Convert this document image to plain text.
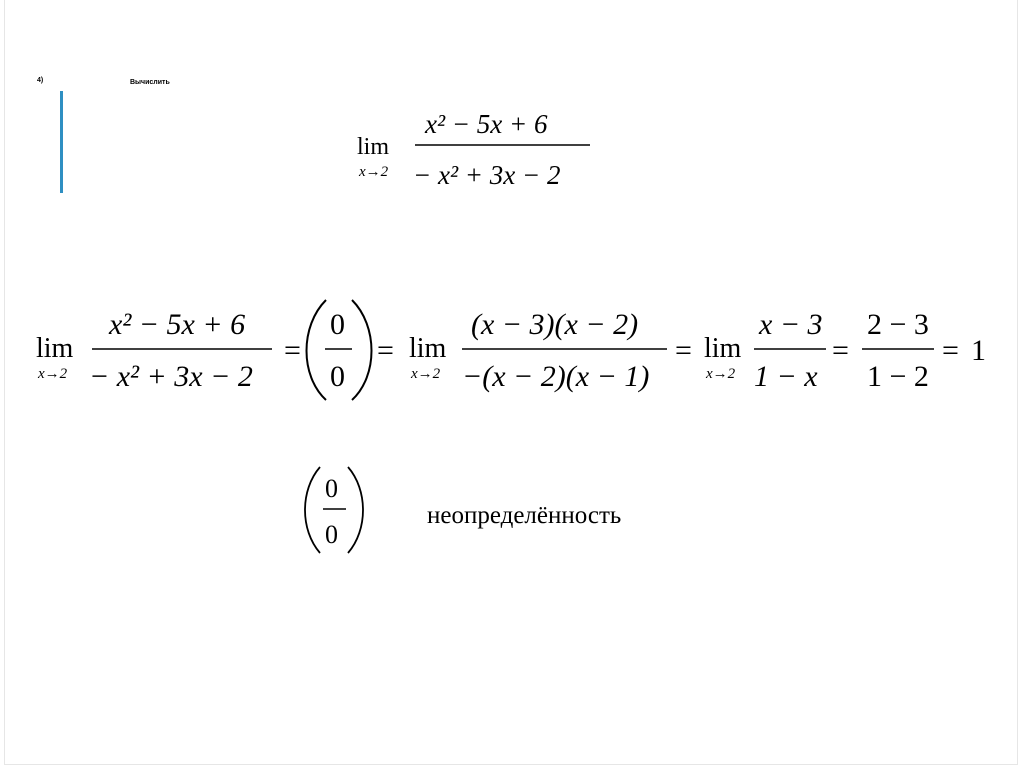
4)	Вычислить
lim
x→2
x² − 5x + 6
− x² + 3x − 2
lim
x→2
x² − 5x + 6
− x² + 3x − 2
=
0
0
= lim
x→2
(x − 3)(x − 2)
−(x − 2)(x − 1)
= lim
x→2
x − 3
1 − x
=
2 − 3
1 − 2
= 1
0
0
неопределённость
